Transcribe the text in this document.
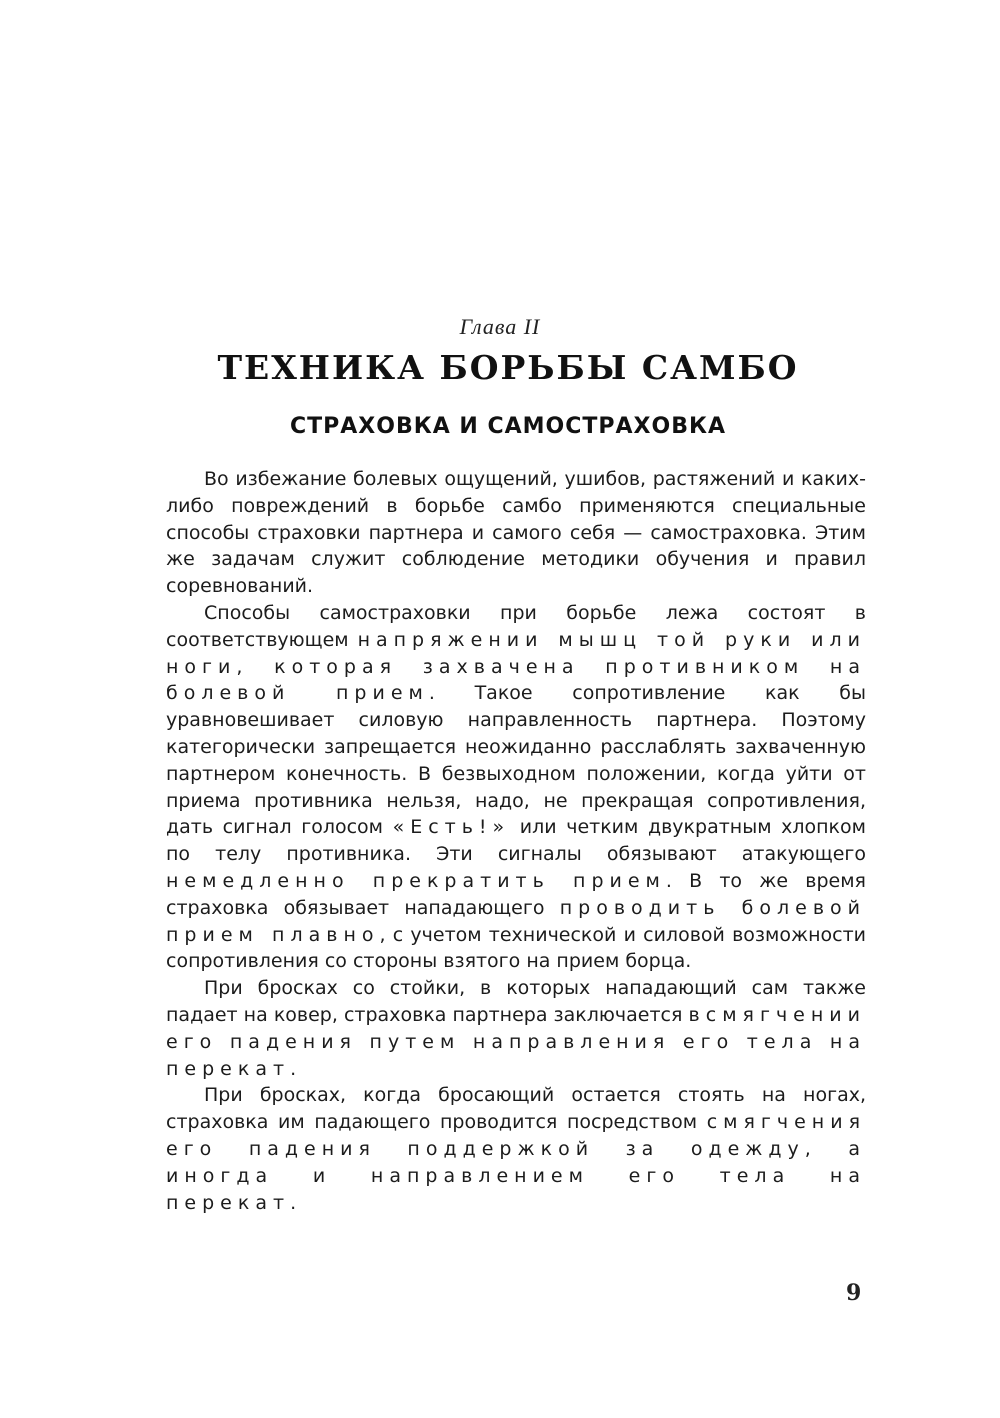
Глава II
ТЕХНИКА БОРЬБЫ САМБО
СТРАХОВКА И САМОСТРАХОВКА

Во избежание болевых ощущений, ушибов, растяжений и каких-либо повреждений в борьбе самбо применяются специальные способы страховки партнера и самого себя — самостраховка. Этим же задачам служит соблюдение методики обучения и правил соревнований.

Способы самостраховки при борьбе лежа состоят в соответствующем напряжении мышц той руки или ноги, которая захвачена противником на болевой прием. Такое сопротивление как бы уравновешивает силовую направленность партнера. Поэтому категорически запрещается неожиданно расслаблять захваченную партнером конечность. В безвыходном положении, когда уйти от приема противника нельзя, надо, не прекращая сопротивления, дать сигнал голосом «Есть!» или четким двукратным хлопком по телу противника. Эти сигналы обязывают атакующего немедленно прекратить прием. В то же время страховка обязывает нападающего проводить болевой прием плавно, с учетом технической и силовой возможности сопротивления со стороны взятого на прием борца.

При бросках со стойки, в которых нападающий сам также падает на ковер, страховка партнера заключается в смягчении его падения путем направления его тела на перекат.

При бросках, когда бросающий остается стоять на ногах, страховка им падающего проводится посредством смягчения его падения поддержкой за одежду, а иногда и направлением его тела на перекат.

9
